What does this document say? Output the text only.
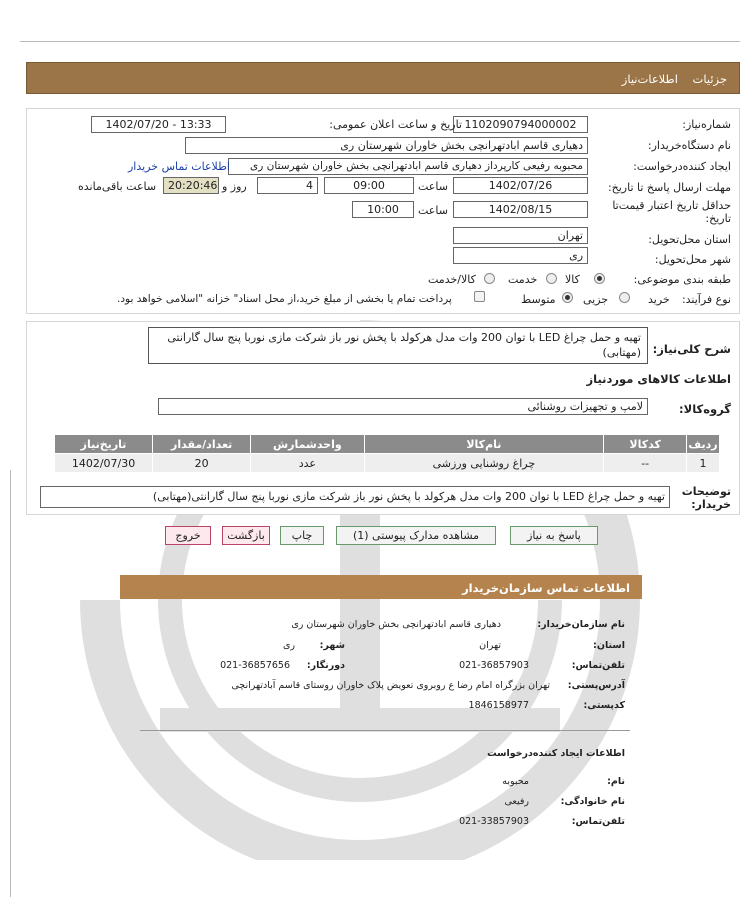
جزئیات    اطلاعات‌نیاز
شماره‌نیاز:
1102090794000002
تاریخ و ساعت اعلان عمومی:
1402/07/20 - 13:33
نام دستگاه‌خریدار:
دهیاری قاسم ابادتهرانچی بخش خاوران شهرستان ری
ایجاد کننده‌درخواست:
محبوبه رفیعی کارپرداز دهیاری قاسم ابادتهرانچی بخش خاوران شهرستان ری
اطلاعات تماس خریدار
مهلت ارسال پاسخ تا تاریخ:
1402/07/26
ساعت
09:00
4
روز و
20:20:46
ساعت باقی‌مانده
حداقل تاریخ اعتبار قیمت‌تا
تاریخ:
1402/08/15
ساعت
10:00
استان محل‌تحویل:
تهران
شهر محل‌تحویل:
ری
طبقه بندی موضوعی:
کالا
خدمت
کالا/خدمت
نوع فرآیند:
خرید
جزیی
متوسط
پرداخت تمام یا بخشی از مبلغ خرید،از محل اسناد" خزانه "اسلامی خواهد بود.
شرح کلی‌نیاز:
تهیه و حمل چراغ LED با توان 200 وات مدل هرکولد با پخش نور باز شرکت مازی نوربا پنج سال گارانتی
(مهتابی)
اطلاعات کالاهای موردنیاز
گروه‌کالا:
لامپ و تجهیزات روشنائی
ردیف	کدکالا	نام‌کالا	واحدشمارش	تعداد/مقدار	تاریخ‌نیاز
1	--	چراغ روشنایی ورزشی	عدد	20	1402/07/30
توضیحات
خریدار:
تهیه و حمل چراغ LED با توان 200 وات مدل هرکولد با پخش نور باز شرکت مازی نوربا پنج سال گارانتی(مهتابی)
پاسخ به نیاز
مشاهده مدارک پیوستی (1)
چاپ
بازگشت
خروج
اطلاعات تماس سازمان‌خریدار
نام سازمان‌خریدار:
دهیاری قاسم ابادتهرانچی بخش خاوران شهرستان ری
استان:
تهران
شهر:
ری
تلفن‌تماس:
021-36857903
دورنگار:
021-36857656
آدرس‌پستی:
تهران بزرگراه امام رضا ع روبروی تعویض پلاک خاوران روستای قاسم آبادتهرانچی
کد‌پستی:
1846158977
اطلاعات ایجاد کننده‌درخواست
نام:
محبوبه
نام خانوادگی:
رفیعی
تلفن‌تماس:
021-33857903
